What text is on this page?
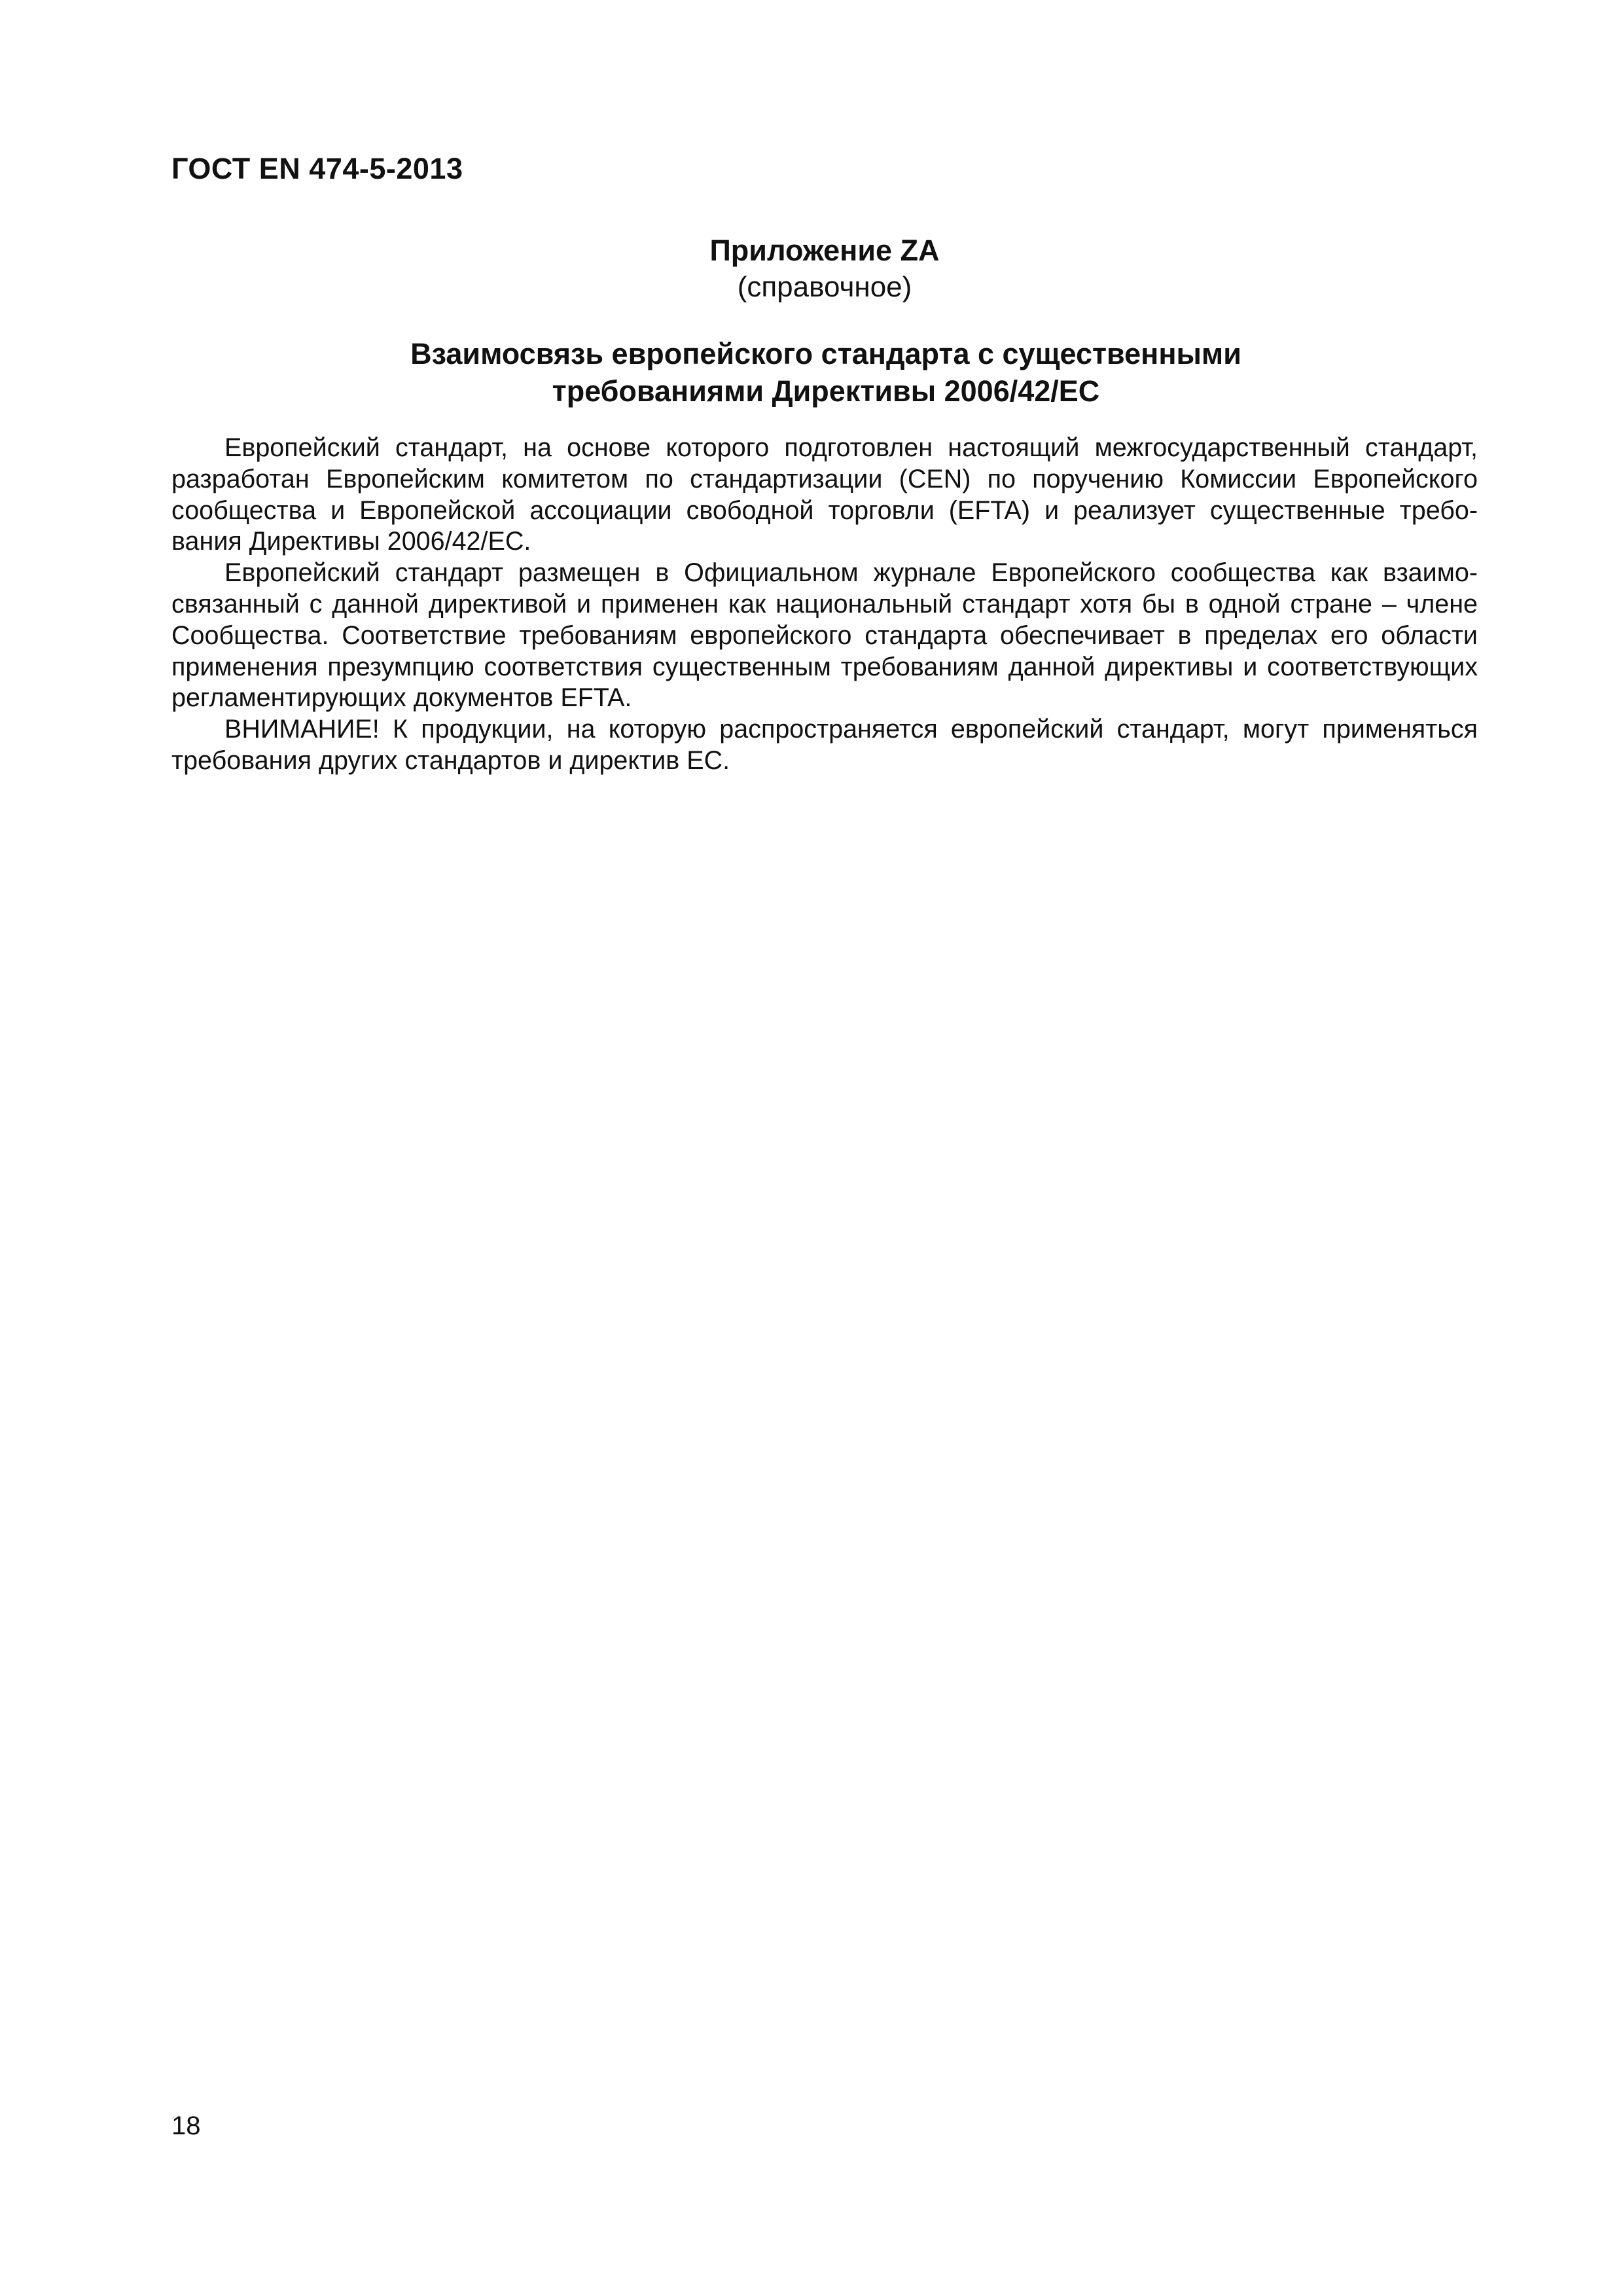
ГОСТ EN 474-5-2013
Приложение ZA
(справочное)
Взаимосвязь европейского стандарта с существенными
требованиями Директивы 2006/42/ЕС
Европейский стандарт, на основе которого подготовлен настоящий межгосударственный стандарт,
разработан Европейским комитетом по стандартизации (CEN) по поручению Комиссии Европейского
сообщества и Европейской ассоциации свободной торговли (EFTA) и реализует существенные требо-
вания Директивы 2006/42/ЕС.
Европейский стандарт размещен в Официальном журнале Европейского сообщества как взаимо-
связанный с данной директивой и применен как национальный стандарт хотя бы в одной стране – члене
Сообщества. Соответствие требованиям европейского стандарта обеспечивает в пределах его области
применения презумпцию соответствия существенным требованиям данной директивы и соответствующих
регламентирующих документов EFTA.
ВНИМАНИЕ! К продукции, на которую распространяется европейский стандарт, могут применяться
требования других стандартов и директив ЕС.
18
